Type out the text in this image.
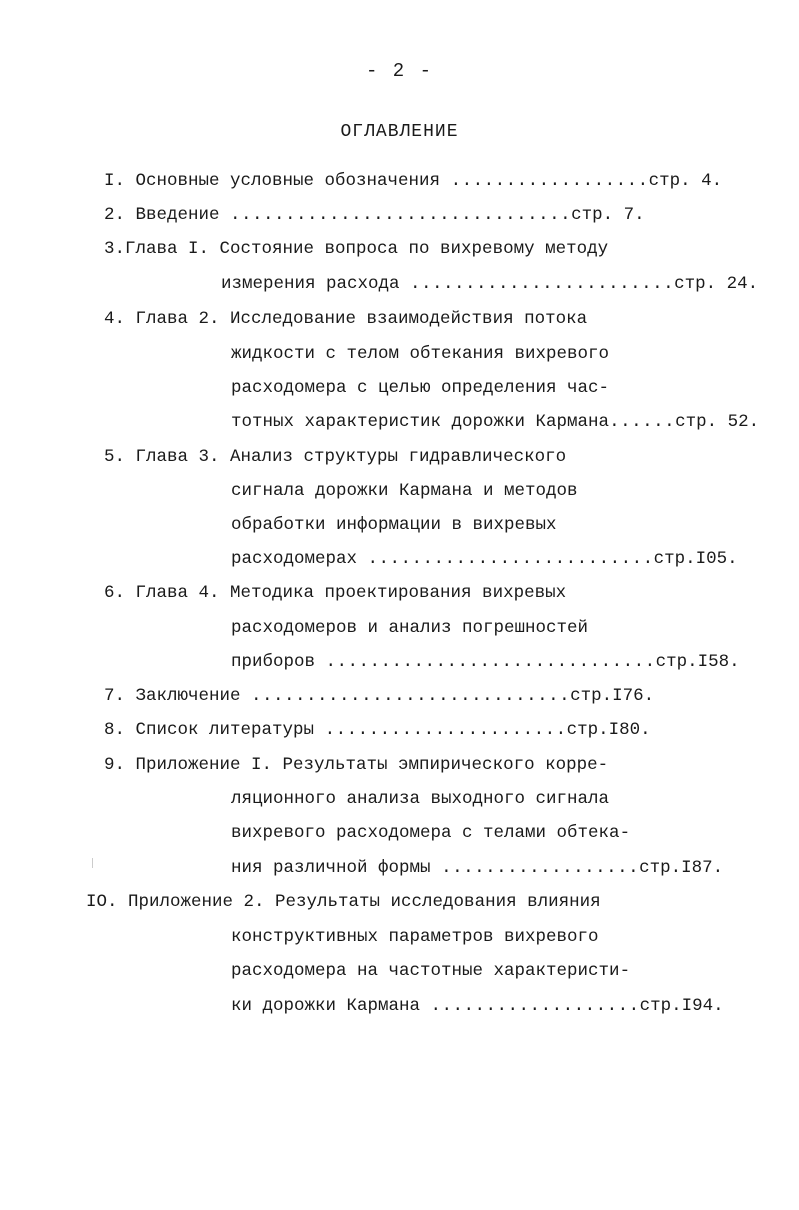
- 2 -
ОГЛАВЛЕНИЕ
I. Основные условные обозначения ..................стр. 4.
2. Введение ...............................стр. 7.
3.Глава I. Состояние вопроса по вихревому методу
измерения расхода ........................стр. 24.
4. Глава 2. Исследование взаимодействия потока
жидкости с телом обтекания вихревого
расходомера с целью определения час-
тотных характеристик дорожки Кармана......стр. 52.
5. Глава 3. Анализ структуры гидравлического
сигнала дорожки Кармана и методов
обработки информации в вихревых
расходомерах ..........................стр.I05.
6. Глава 4. Методика проектирования вихревых
расходомеров и анализ погрешностей
приборов ..............................стр.I58.
7. Заключение .............................стр.I76.
8. Список литературы ......................стр.I80.
9. Приложение I. Результаты эмпирического корре-
ляционного анализа выходного сигнала
вихревого расходомера с телами обтека-
ния различной формы ..................стр.I87.
IO. Приложение 2. Результаты исследования влияния
конструктивных параметров вихревого
расходомера на частотные характеристи-
ки дорожки Кармана ...................стр.I94.
